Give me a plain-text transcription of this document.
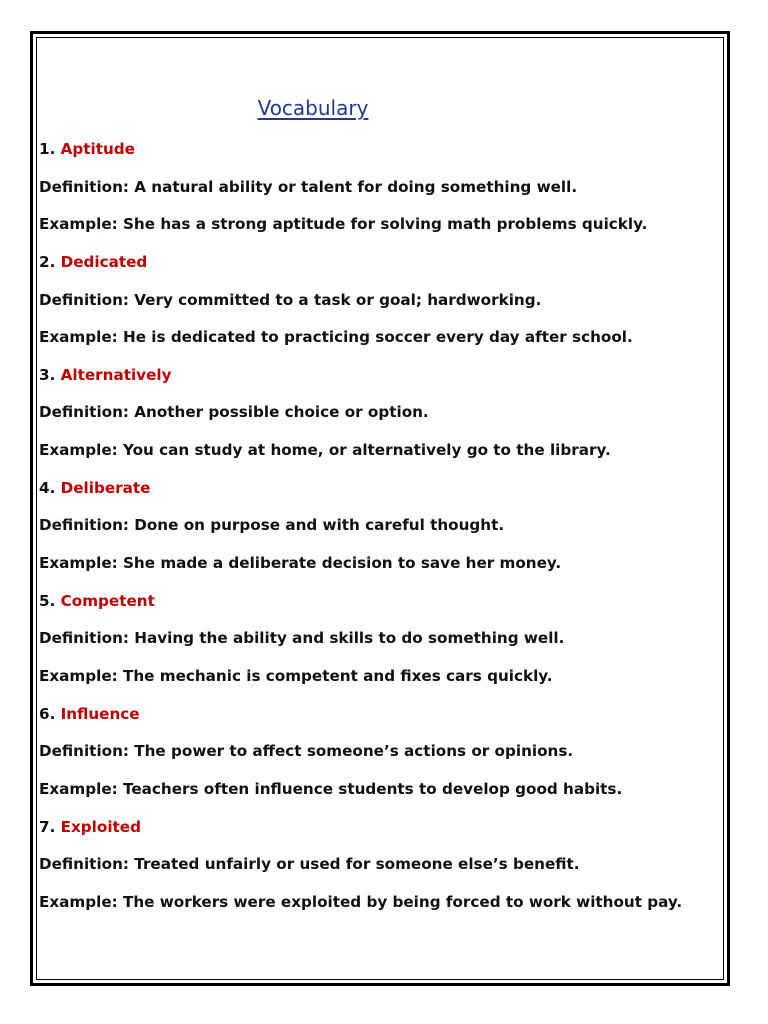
Vocabulary
1. Aptitude
Definition: A natural ability or talent for doing something well.
Example: She has a strong aptitude for solving math problems quickly.
2. Dedicated
Definition: Very committed to a task or goal; hardworking.
Example: He is dedicated to practicing soccer every day after school.
3. Alternatively
Definition: Another possible choice or option.
Example: You can study at home, or alternatively go to the library.
4. Deliberate
Definition: Done on purpose and with careful thought.
Example: She made a deliberate decision to save her money.
5. Competent
Definition: Having the ability and skills to do something well.
Example: The mechanic is competent and fixes cars quickly.
6. Influence
Definition: The power to affect someone’s actions or opinions.
Example: Teachers often influence students to develop good habits.
7. Exploited
Definition: Treated unfairly or used for someone else’s benefit.
Example: The workers were exploited by being forced to work without pay.
